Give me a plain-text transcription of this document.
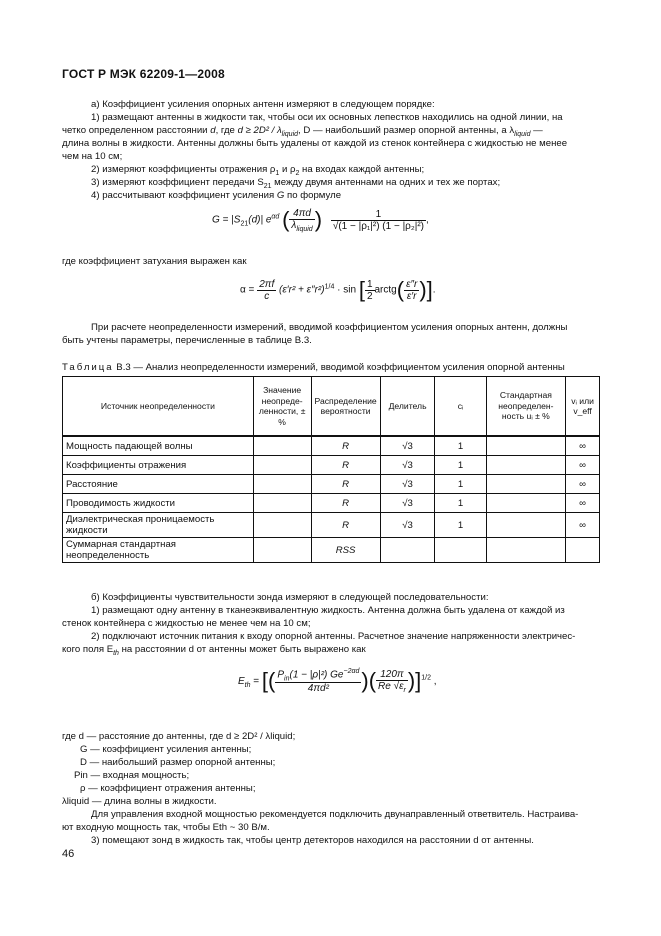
ГОСТ Р МЭК 62209-1—2008
а) Коэффициент усиления опорных антенн измеряют в следующем порядке:
1) размещают антенны в жидкости так, чтобы оси их основных лепестков находились на одной линии, на
четко определенном расстоянии d, где $d \ge 2D^2 / \lambda_{liquid}$, D — наибольший размер опорной антенны, а $\lambda_{liquid}$ —
длина волны в жидкости. Антенны должны быть удалены от каждой из стенок контейнера с жидкостью не менее
чем на 10 см;
2) измеряют коэффициенты отражения $\rho_1$ и $\rho_2$ на входах каждой антенны;
3) измеряют коэффициент передачи $S_{21}$ между двумя антеннами на одних и тех же портах;
4) рассчитывают коэффициент усиления G по формуле
$G = |S_{21}(d)|$ $e^{\alpha d}$ ( $\frac{4\pi d}{\lambda_{liquid}}$ ) $\frac{1}{\text{√(1 − |ρ₁|²) (1 − |ρ₂|²)}}$ ,
где коэффициент затухания выражен как
$\alpha = \frac{2\pi f}{c} (\varepsilon'r^2 + \varepsilon''r^2)^{1/4} \cdot \sin$ [ $\frac{1}{2}$ arctg( $\frac{\varepsilon''r}{\varepsilon'r}$ )].
При расчете неопределенности измерений, вводимой коэффициентом усиления опорных антенн, должны
быть учтены параметры, перечисленные в таблице В.3.
Таблица В.3 — Анализ неопределенности измерений, вводимой коэффициентом усиления опорной антенны
Источник неопределенности	Значение неопределенности, ± %	Распределение вероятности	Делитель	cᵢ	Стандартная неопределенность uᵢ ± %	vᵢ или v_eff
Мощность падающей волны		R	√3	1		∞
Коэффициенты отражения		R	√3	1		∞
Расстояние		R	√3	1		∞
Проводимость жидкости		R	√3	1		∞
Диэлектрическая проницаемость жидкости		R	√3	1		∞
Суммарная стандартная неопределенность		RSS				
б) Коэффициенты чувствительности зонда измеряют в следующей последовательности:
1) размещают одну антенну в тканеэквивалентную жидкость. Антенна должна быть удалена от каждой из
стенок контейнера с жидкостью не менее чем на 10 см;
2) подключают источник питания к входу опорной антенны. Расчетное значение напряженности электричес-
кого поля $E_{th}$ на расстоянии d от антенны может быть выражено как
$E_{th}$ = [( $\frac{P_{in}(1 - |\rho|^2) Ge^{-2\alpha d}}{\text{4πd²}}$ )( $\frac{120\pi}{Re √\varepsilon_r} )]^{1/2}$ ,
где d — расстояние до антенны, где d ≥ 2D² / λliquid;
G — коэффициент усиления антенны;
D — наибольший размер опорной антенны;
Pin — входная мощность;
ρ — коэффициент отражения антенны;
λliquid — длина волны в жидкости.
Для управления входной мощностью рекомендуется подключить двунаправленный ответвитель. Настраива-
ют входную мощность так, чтобы Eth ~ 30 В/м.
3) помещают зонд в жидкость так, чтобы центр детекторов находился на расстоянии d от антенны.
46
